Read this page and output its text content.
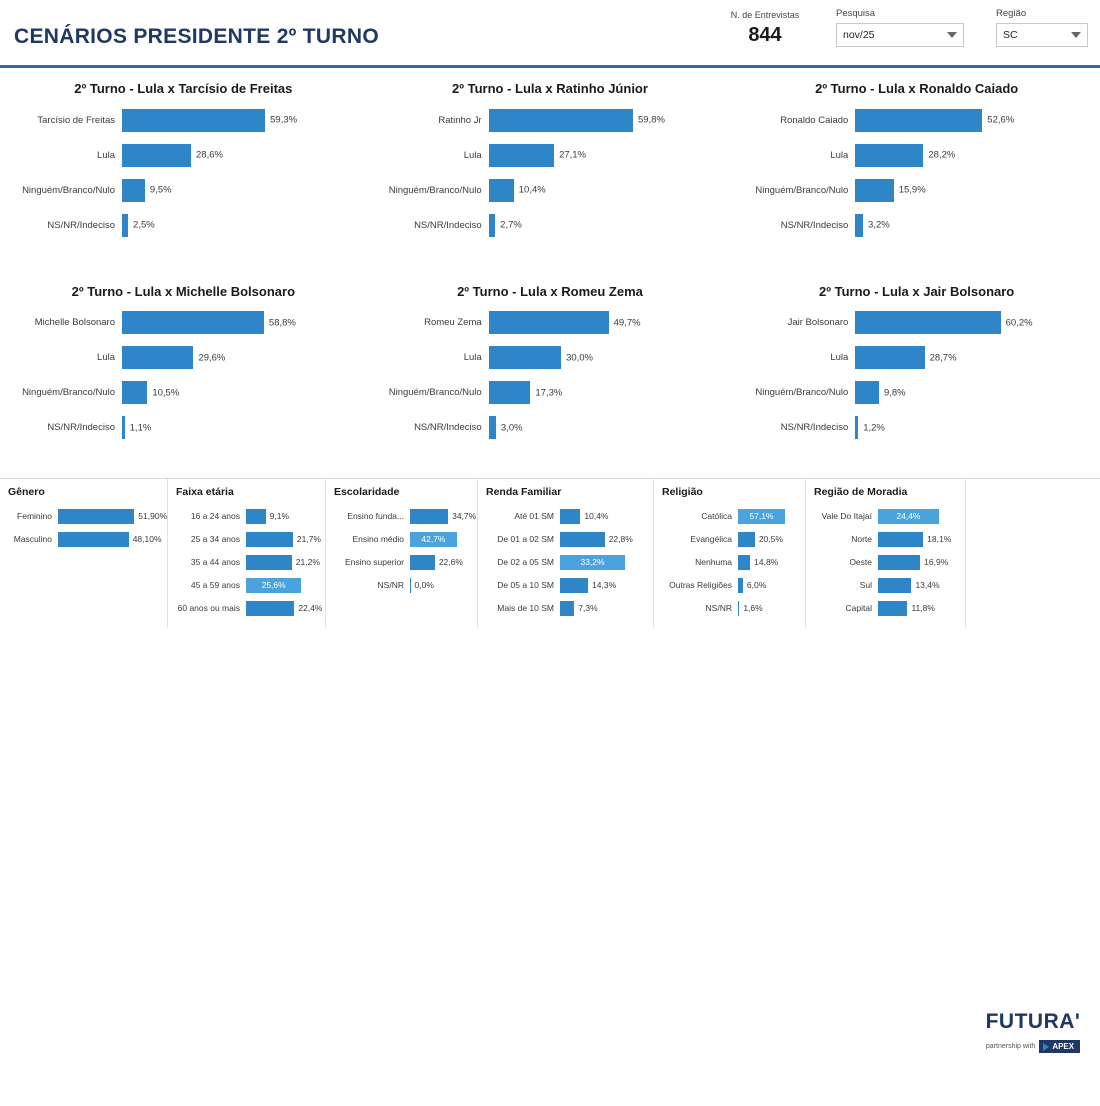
CENÁRIOS PRESIDENTE 2º TURNO
N. de Entrevistas
844
Pesquisa
nov/25
Região
SC
2º Turno - Lula x Tarcísio de Freitas
Tarcísio de Freitas	59,3%
Lula	28,6%
Ninguém/Branco/Nulo	9,5%
NS/NR/Indeciso	2,5%
2º Turno - Lula x Ratinho Júnior
Ratinho Jr	59,8%
Lula	27,1%
Ninguém/Branco/Nulo	10,4%
NS/NR/Indeciso	2,7%
2º Turno - Lula x Ronaldo Caiado
Ronaldo Caiado	52,6%
Lula	28,2%
Ninguém/Branco/Nulo	15,9%
NS/NR/Indeciso	3,2%
2º Turno - Lula x Michelle Bolsonaro
Michelle Bolsonaro	58,8%
Lula	29,6%
Ninguém/Branco/Nulo	10,5%
NS/NR/Indeciso	1,1%
2º Turno - Lula x Romeu Zema
Romeu Zema	49,7%
Lula	30,0%
Ninguém/Branco/Nulo	17,3%
NS/NR/Indeciso	3,0%
2º Turno - Lula x Jair Bolsonaro
Jair Bolsonaro	60,2%
Lula	28,7%
Ninguém/Branco/Nulo	9,8%
NS/NR/Indeciso	1,2%
Gênero
Feminino	51,90%
Masculino	48,10%
Faixa etária
16 a 24 anos	9,1%
25 a 34 anos	21,7%
35 a 44 anos	21,2%
45 a 59 anos	25,6%
60 anos ou mais	22,4%
Escolaridade
Ensino funda...	34,7%
Ensino médio	42,7%
Ensino superior	22,6%
NS/NR	0,0%
Renda Familiar
Até 01 SM	10,4%
De 01 a 02 SM	22,8%
De 02 a 05 SM	33,2%
De 05 a 10 SM	14,3%
Mais de 10 SM	7,3%
Religião
Católica	57,1%
Evangélica	20,5%
Nenhuma	14,8%
Outras Religiões	6,0%
NS/NR	1,6%
Região de Moradia
Vale Do Itajaí	24,4%
Norte	18,1%
Oeste	16,9%
Sul	13,4%
Capital	11,8%
FUTURA'
partnership with APEX
